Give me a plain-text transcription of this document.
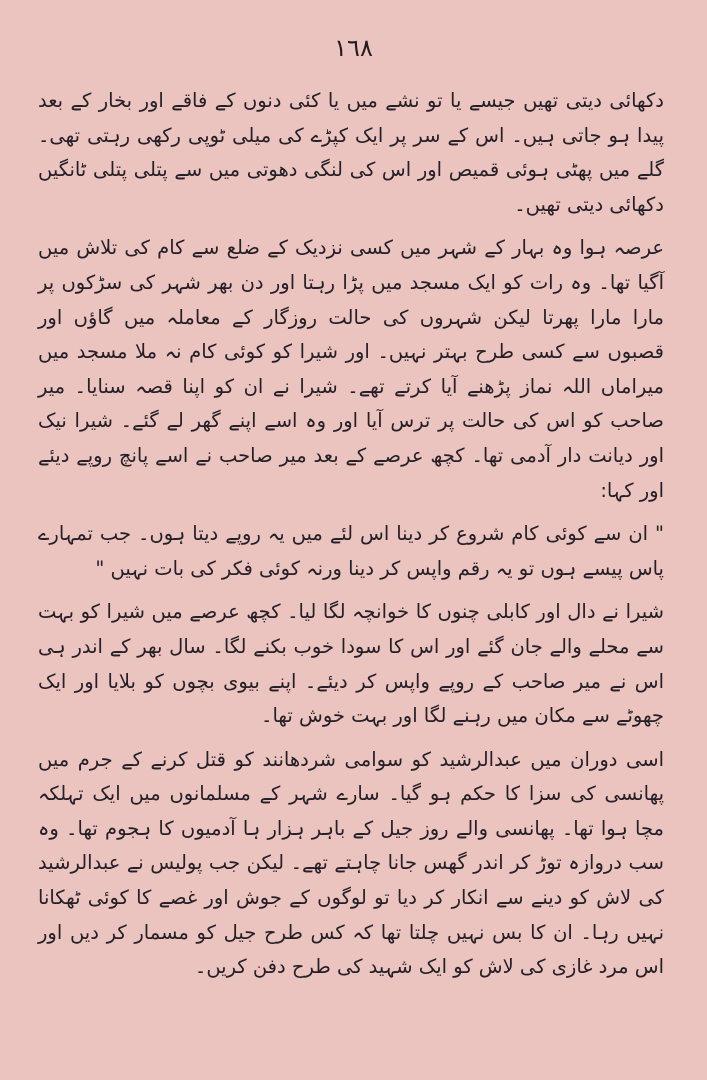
١٦٨

دکھائی دیتی تھیں جیسے یا تو نشے میں یا کئی دنوں کے فاقے اور بخار کے بعد پیدا ہو جاتی ہیں۔ اس کے سر پر ایک کپڑے کی میلی ٹوپی رکھی رہتی تھی۔ گلے میں پھٹی ہوئی قمیص اور اس کی لنگی دھوتی میں سے پتلی پتلی ٹانگیں دکھائی دیتی تھیں۔

عرصہ ہوا وہ بہار کے شہر میں کسی نزدیک کے ضلع سے کام کی تلاش میں آگیا تھا۔ وہ رات کو ایک مسجد میں پڑا رہتا اور دن بھر شہر کی سڑکوں پر مارا مارا پھرتا لیکن شہروں کی حالت روزگار کے معاملہ میں گاؤں اور قصبوں سے کسی طرح بہتر نہیں۔ اور شیرا کو کوئی کام نہ ملا مسجد میں میراماں اللہ نماز پڑھنے آیا کرتے تھے۔ شیرا نے ان کو اپنا قصہ سنایا۔ میر صاحب کو اس کی حالت پر ترس آیا اور وہ اسے اپنے گھر لے گئے۔ شیرا نیک اور دیانت دار آدمی تھا۔ کچھ عرصے کے بعد میر صاحب نے اسے پانچ روپے دیئے اور کہا:

" ان سے کوئی کام شروع کر دینا اس لئے میں یہ روپے دیتا ہوں۔ جب تمہارے پاس پیسے ہوں تو یہ رقم واپس کر دینا ورنہ کوئی فکر کی بات نہیں "

شیرا نے دال اور کابلی چنوں کا خوانچہ لگا لیا۔ کچھ عرصے میں شیرا کو بہت سے محلے والے جان گئے اور اس کا سودا خوب بکنے لگا۔ سال بھر کے اندر ہی اس نے میر صاحب کے روپے واپس کر دیئے۔ اپنے بیوی بچوں کو بلایا اور ایک چھوٹے سے مکان میں رہنے لگا اور بہت خوش تھا۔

اسی دوران میں عبدالرشید کو سوامی شردھانند کو قتل کرنے کے جرم میں پھانسی کی سزا کا حکم ہو گیا۔ سارے شہر کے مسلمانوں میں ایک تہلکہ مچا ہوا تھا۔ پھانسی والے روز جیل کے باہر ہزار ہا آدمیوں کا ہجوم تھا۔ وہ سب دروازہ توڑ کر اندر گھس جانا چاہتے تھے۔ لیکن جب پولیس نے عبدالرشید کی لاش کو دینے سے انکار کر دیا تو لوگوں کے جوش اور غصے کا کوئی ٹھکانا نہیں رہا۔ ان کا بس نہیں چلتا تھا کہ کس طرح جیل کو مسمار کر دیں اور اس مرد غازی کی لاش کو ایک شہید کی طرح دفن کریں۔
